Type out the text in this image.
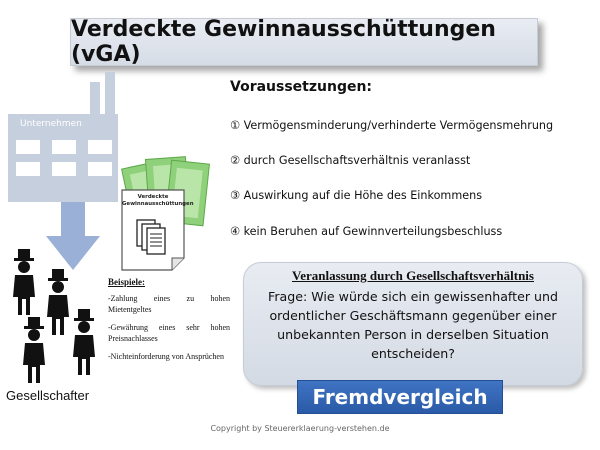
Verdeckte Gewinnausschüttungen (vGA)
Unternehmen
Verdeckte Gewinnausschüttungen
Gesellschafter
Beispiele:
-Zahlung eines zu hohen Mietentgeltes
-Gewährung eines sehr hohen Preisnachlasses
-Nichteinforderung von Ansprüchen
Voraussetzungen:
① Vermögensminderung/verhinderte Vermögensmehrung
② durch Gesellschaftsverhältnis veranlasst
③ Auswirkung auf die Höhe des Einkommens
④ kein Beruhen auf Gewinnverteilungsbeschluss
Veranlassung durch Gesellschaftsverhältnis
Frage: Wie würde sich ein gewissenhafter und ordentlicher Geschäftsmann gegenüber einer unbekannten Person in derselben Situation entscheiden?
Fremdvergleich
Copyright by Steuererklaerung-verstehen.de
